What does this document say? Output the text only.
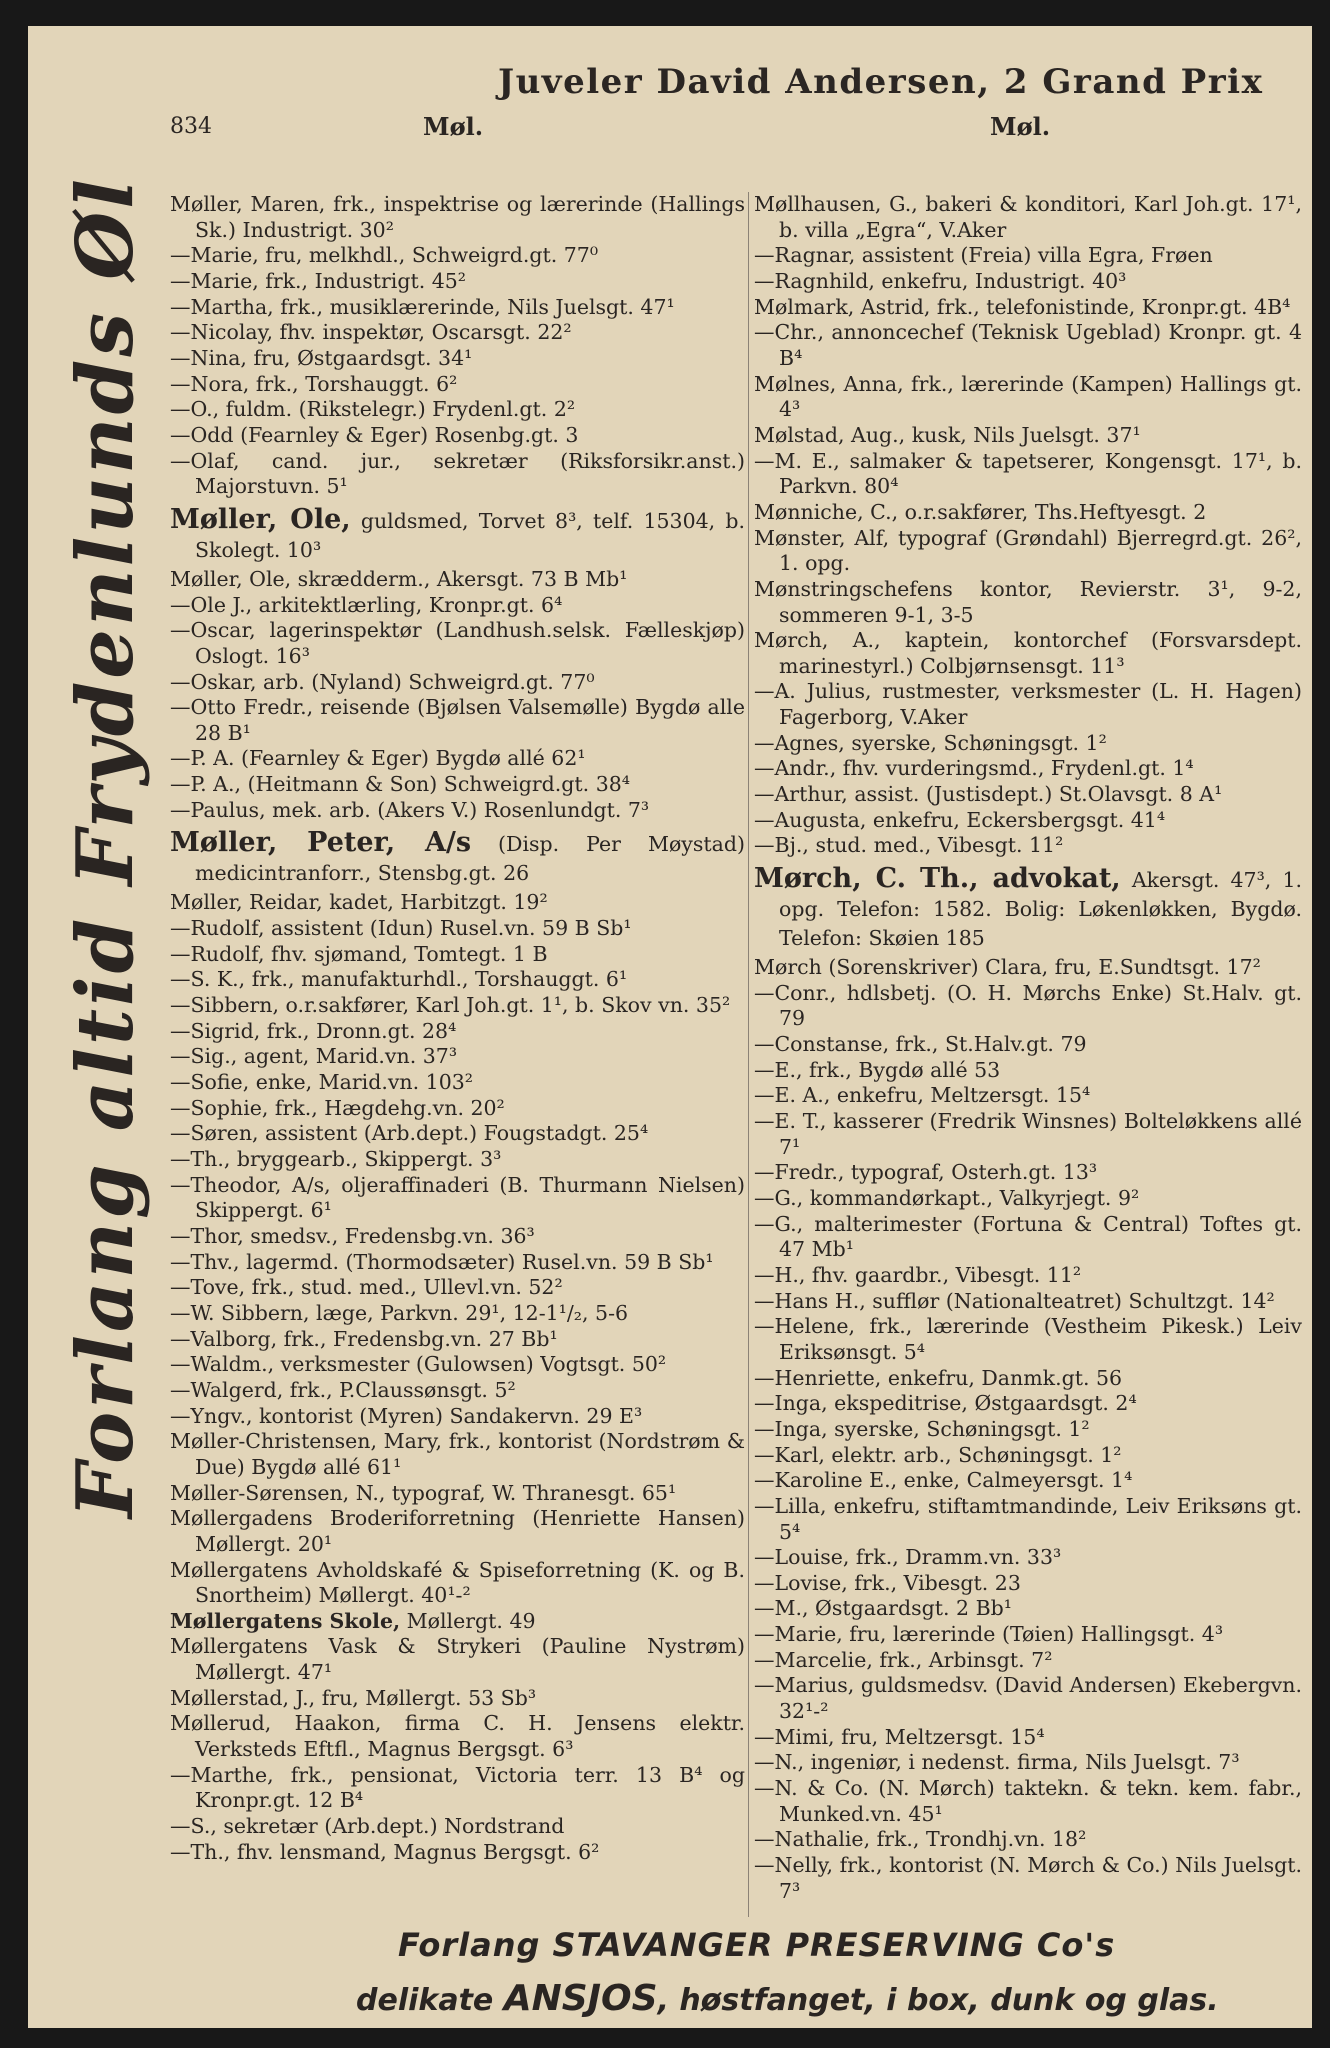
Juveler David Andersen, 2 Grand Prix
834	Møl.	Møl.
Forlang altid Frydenlunds Øl Møller, Maren, frk., inspektrise og lærerinde (Hallings Sk.) Industrigt. 30²
—Marie, fru, melkhdl., Schweigrd.gt. 77⁰
—Marie, frk., Industrigt. 45²
—Martha, frk., musiklærerinde, Nils Juelsgt. 47¹
—Nicolay, fhv. inspektør, Oscarsgt. 22²
—Nina, fru, Østgaardsgt. 34¹
—Nora, frk., Torshauggt. 6²
—O., fuldm. (Rikstelegr.) Frydenl.gt. 2²
—Odd (Fearnley & Eger) Rosenbg.gt. 3
—Olaf, cand. jur., sekretær (Riksforsikr.anst.) Majorstuvn. 5¹
Møller, Ole, guldsmed, Torvet 8³, telf. 15304, b. Skolegt. 10³
Møller, Ole, skrædderm., Akersgt. 73 B Mb¹
—Ole J., arkitektlærling, Kronpr.gt. 6⁴
—Oscar, lagerinspektør (Landhush.selsk. Fælleskjøp) Oslogt. 16³
—Oskar, arb. (Nyland) Schweigrd.gt. 77⁰
—Otto Fredr., reisende (Bjølsen Valsemølle) Bygdø alle 28 B¹
—P. A. (Fearnley & Eger) Bygdø allé 62¹
—P. A., (Heitmann & Son) Schweigrd.gt. 38⁴
—Paulus, mek. arb. (Akers V.) Rosenlundgt. 7³
Møller, Peter, A/s (Disp. Per Møystad) medicintranforr., Stensbg.gt. 26
Møller, Reidar, kadet, Harbitzgt. 19²
—Rudolf, assistent (Idun) Rusel.vn. 59 B Sb¹
—Rudolf, fhv. sjømand, Tomtegt. 1 B
—S. K., frk., manufakturhdl., Torshauggt. 6¹
—Sibbern, o.r.sakfører, Karl Joh.gt. 1¹, b. Skov vn. 35²
—Sigrid, frk., Dronn.gt. 28⁴
—Sig., agent, Marid.vn. 37³
—Sofie, enke, Marid.vn. 103²
—Sophie, frk., Hægdehg.vn. 20²
—Søren, assistent (Arb.dept.) Fougstadgt. 25⁴
—Th., bryggearb., Skippergt. 3³
—Theodor, A/s, oljeraffinaderi (B. Thurmann Nielsen) Skippergt. 6¹
—Thor, smedsv., Fredensbg.vn. 36³
—Thv., lagermd. (Thormodsæter) Rusel.vn. 59 B Sb¹
—Tove, frk., stud. med., Ullevl.vn. 52²
—W. Sibbern, læge, Parkvn. 29¹, 12-1¹/₂, 5-6
—Valborg, frk., Fredensbg.vn. 27 Bb¹
—Waldm., verksmester (Gulowsen) Vogtsgt. 50²
—Walgerd, frk., P.Claussønsgt. 5²
—Yngv., kontorist (Myren) Sandakervn. 29 E³
Møller-Christensen, Mary, frk., kontorist (Nordstrøm & Due) Bygdø allé 61¹
Møller-Sørensen, N., typograf, W. Thranesgt. 65¹
Møllergadens Broderiforretning (Henriette Hansen) Møllergt. 20¹
Møllergatens Avholdskafé & Spiseforretning (K. og B. Snortheim) Møllergt. 40¹-²
Møllergatens Skole, Møllergt. 49
Møllergatens Vask & Strykeri (Pauline Nystrøm) Møllergt. 47¹
Møllerstad, J., fru, Møllergt. 53 Sb³
Møllerud, Haakon, firma C. H. Jensens elektr. Verksteds Eftfl., Magnus Bergsgt. 6³
—Marthe, frk., pensionat, Victoria terr. 13 B⁴ og Kronpr.gt. 12 B⁴
—S., sekretær (Arb.dept.) Nordstrand
—Th., fhv. lensmand, Magnus Bergsgt. 6²
Møllhausen, G., bakeri & konditori, Karl Joh.gt. 17¹, b. villa „Egra“, V.Aker
—Ragnar, assistent (Freia) villa Egra, Frøen
—Ragnhild, enkefru, Industrigt. 40³
Mølmark, Astrid, frk., telefonistinde, Kronpr.gt. 4B⁴
—Chr., annoncechef (Teknisk Ugeblad) Kronpr. gt. 4 B⁴
Mølnes, Anna, frk., lærerinde (Kampen) Hallings gt. 4³
Mølstad, Aug., kusk, Nils Juelsgt. 37¹
—M. E., salmaker & tapetserer, Kongensgt. 17¹, b. Parkvn. 80⁴
Mønniche, C., o.r.sakfører, Ths.Heftyesgt. 2
Mønster, Alf, typograf (Grøndahl) Bjerregrd.gt. 26², 1. opg.
Mønstringschefens kontor, Revierstr. 3¹, 9-2, sommeren 9-1, 3-5
Mørch, A., kaptein, kontorchef (Forsvarsdept. marinestyrl.) Colbjørnsensgt. 11³
—A. Julius, rustmester, verksmester (L. H. Hagen) Fagerborg, V.Aker
—Agnes, syerske, Schøningsgt. 1²
—Andr., fhv. vurderingsmd., Frydenl.gt. 1⁴
—Arthur, assist. (Justisdept.) St.Olavsgt. 8 A¹
—Augusta, enkefru, Eckersbergsgt. 41⁴
—Bj., stud. med., Vibesgt. 11²
Mørch, C. Th., advokat, Akersgt. 47³, 1. opg. Telefon: 1582. Bolig: Løkenløkken, Bygdø. Telefon: Skøien 185
Mørch (Sorenskriver) Clara, fru, E.Sundtsgt. 17²
—Conr., hdlsbetj. (O. H. Mørchs Enke) St.Halv. gt. 79
—Constanse, frk., St.Halv.gt. 79
—E., frk., Bygdø allé 53
—E. A., enkefru, Meltzersgt. 15⁴
—E. T., kasserer (Fredrik Winsnes) Bolteløkkens allé 7¹
—Fredr., typograf, Osterh.gt. 13³
—G., kommandørkapt., Valkyrjegt. 9²
—G., malterimester (Fortuna & Central) Toftes gt. 47 Mb¹
—H., fhv. gaardbr., Vibesgt. 11²
—Hans H., sufflør (Nationalteatret) Schultzgt. 14²
—Helene, frk., lærerinde (Vestheim Pikesk.) Leiv Eriksønsgt. 5⁴
—Henriette, enkefru, Danmk.gt. 56
—Inga, ekspeditrise, Østgaardsgt. 2⁴
—Inga, syerske, Schøningsgt. 1²
—Karl, elektr. arb., Schøningsgt. 1²
—Karoline E., enke, Calmeyersgt. 1⁴
—Lilla, enkefru, stiftamtmandinde, Leiv Eriksøns gt. 5⁴
—Louise, frk., Dramm.vn. 33³
—Lovise, frk., Vibesgt. 23
—M., Østgaardsgt. 2 Bb¹
—Marie, fru, lærerinde (Tøien) Hallingsgt. 4³
—Marcelie, frk., Arbinsgt. 7²
—Marius, guldsmedsv. (David Andersen) Ekebergvn. 32¹-²
—Mimi, fru, Meltzersgt. 15⁴
—N., ingeniør, i nedenst. firma, Nils Juelsgt. 7³
—N. & Co. (N. Mørch) taktekn. & tekn. kem. fabr., Munked.vn. 45¹
—Nathalie, frk., Trondhj.vn. 18²
—Nelly, frk., kontorist (N. Mørch & Co.) Nils Juelsgt. 7³
Forlang STAVANGER PRESERVING Co's
delikate ANSJOS, høstfanget, i box, dunk og glas.
